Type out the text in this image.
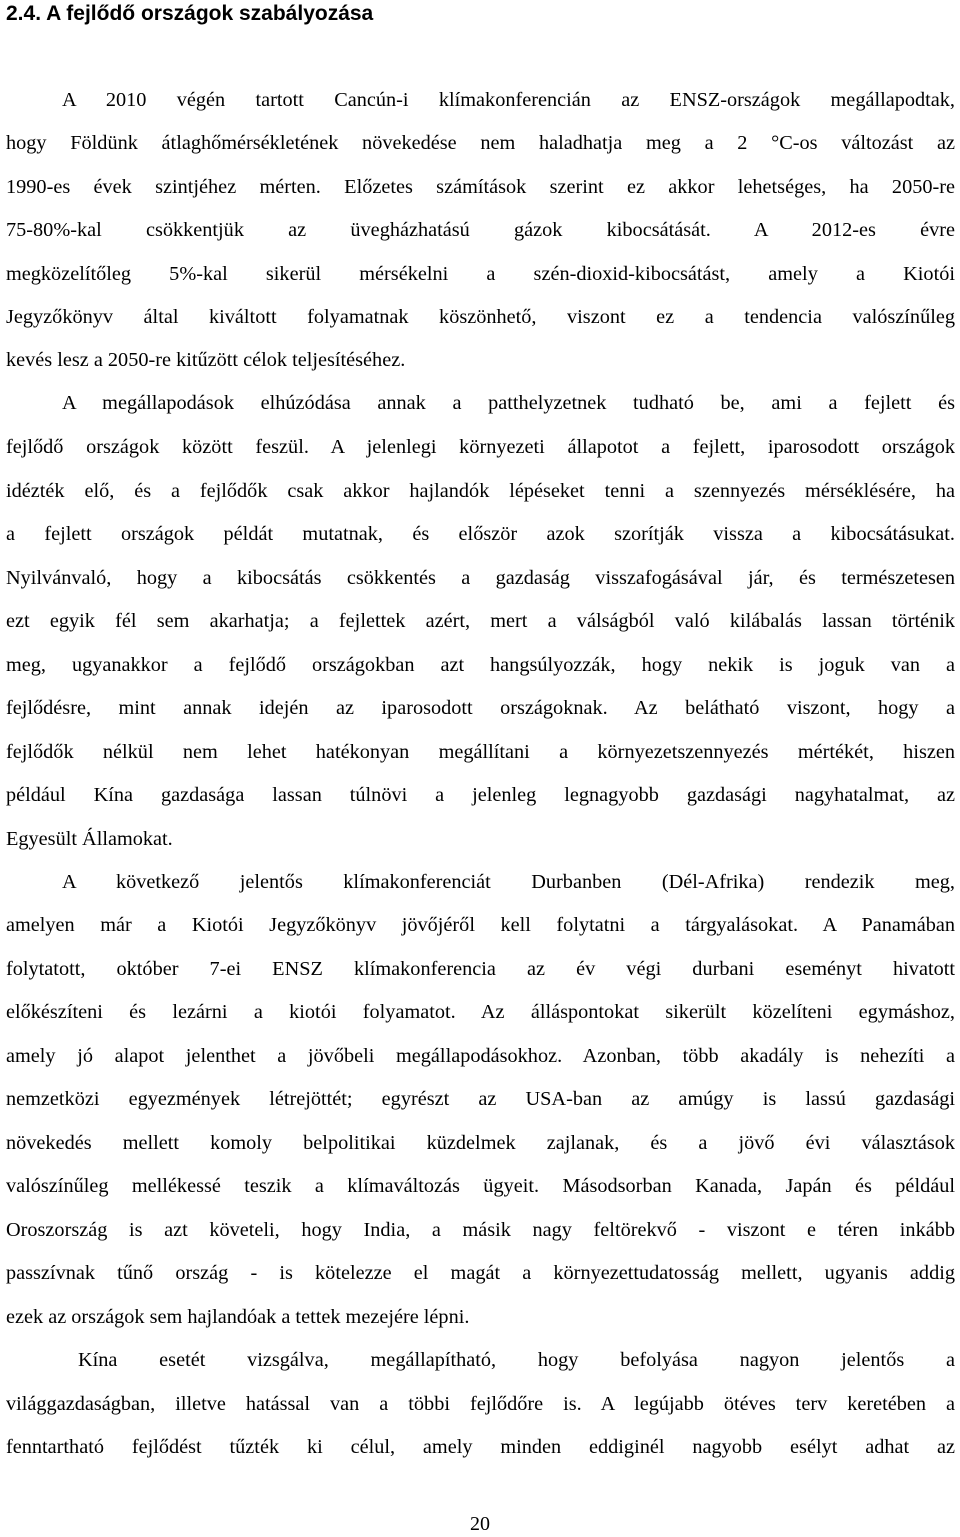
2.4. A fejlődő országok szabályozása
A 2010 végén tartott Cancún-i klímakonferencián az ENSZ-országok megállapodtak,
hogy Földünk átlaghőmérsékletének növekedése nem haladhatja meg a 2 °C-os változást az
1990-es évek szintjéhez mérten. Előzetes számítások szerint ez akkor lehetséges, ha 2050-re
75-80%-kal csökkentjük az üvegházhatású gázok kibocsátását. A 2012-es évre
megközelítőleg 5%-kal sikerül mérsékelni a szén-dioxid-kibocsátást, amely a Kiotói
Jegyzőkönyv által kiváltott folyamatnak köszönhető, viszont ez a tendencia valószínűleg
kevés lesz a 2050-re kitűzött célok teljesítéséhez.
A megállapodások elhúzódása annak a patthelyzetnek tudható be, ami a fejlett és
fejlődő országok között feszül. A jelenlegi környezeti állapotot a fejlett, iparosodott országok
idézték elő, és a fejlődők csak akkor hajlandók lépéseket tenni a szennyezés mérséklésére, ha
a fejlett országok példát mutatnak, és először azok szorítják vissza a kibocsátásukat.
Nyilvánvaló, hogy a kibocsátás csökkentés a gazdaság visszafogásával jár, és természetesen
ezt egyik fél sem akarhatja; a fejlettek azért, mert a válságból való kilábalás lassan történik
meg, ugyanakkor a fejlődő országokban azt hangsúlyozzák, hogy nekik is joguk van a
fejlődésre, mint annak idején az iparosodott országoknak. Az belátható viszont, hogy a
fejlődők nélkül nem lehet hatékonyan megállítani a környezetszennyezés mértékét, hiszen
például Kína gazdasága lassan túlnövi a jelenleg legnagyobb gazdasági nagyhatalmat, az
Egyesült Államokat.
A következő jelentős klímakonferenciát Durbanben (Dél-Afrika) rendezik meg,
amelyen már a Kiotói Jegyzőkönyv jövőjéről kell folytatni a tárgyalásokat. A Panamában
folytatott, október 7-ei ENSZ klímakonferencia az év végi durbani eseményt hivatott
előkészíteni és lezárni a kiotói folyamatot. Az álláspontokat sikerült közelíteni egymáshoz,
amely jó alapot jelenthet a jövőbeli megállapodásokhoz. Azonban, több akadály is nehezíti a
nemzetközi egyezmények létrejöttét; egyrészt az USA-ban az amúgy is lassú gazdasági
növekedés mellett komoly belpolitikai küzdelmek zajlanak, és a jövő évi választások
valószínűleg mellékessé teszik a klímaváltozás ügyeit. Másodsorban Kanada, Japán és például
Oroszország is azt követeli, hogy India, a másik nagy feltörekvő - viszont e téren inkább
passzívnak tűnő ország - is kötelezze el magát a környezettudatosság mellett, ugyanis addig
ezek az országok sem hajlandóak a tettek mezejére lépni.
Kína esetét vizsgálva, megállapítható, hogy befolyása nagyon jelentős a
világgazdaságban, illetve hatással van a többi fejlődőre is. A legújabb ötéves terv keretében a
fenntartható fejlődést tűzték ki célul, amely minden eddiginél nagyobb esélyt adhat az
20
